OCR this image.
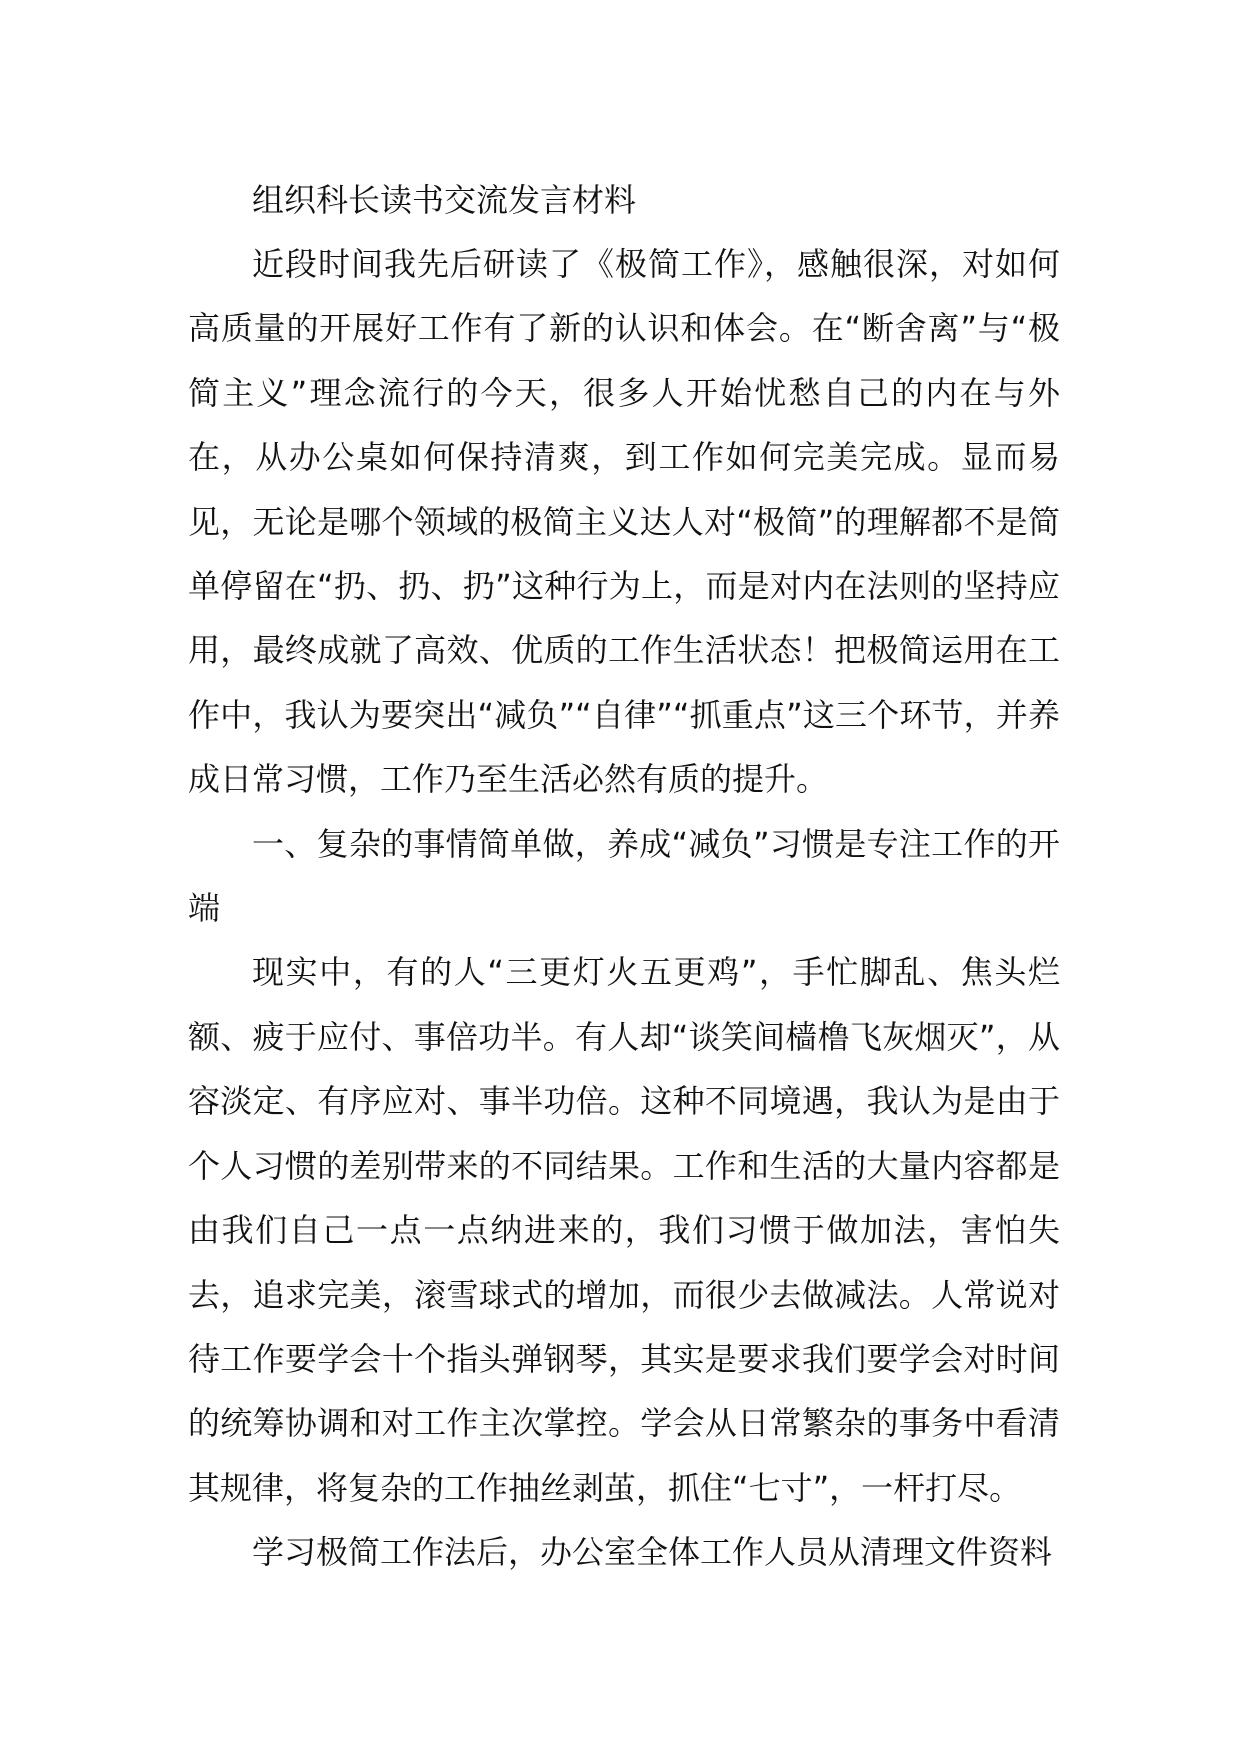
组织科长读书交流发言材料

近段时间我先后研读了《极简工作》，感触很深，对如何高质量的开展好工作有了新的认识和体会。在“断舍离”与“极简主义”理念流行的今天，很多人开始忧愁自己的内在与外在，从办公桌如何保持清爽，到工作如何完美完成。显而易见，无论是哪个领域的极简主义达人对“极简”的理解都不是简单停留在“扔、扔、扔”这种行为上，而是对内在法则的坚持应用，最终成就了高效、优质的工作生活状态！把极简运用在工作中，我认为要突出“减负”“自律”“抓重点”这三个环节，并养成日常习惯，工作乃至生活必然有质的提升。

一、复杂的事情简单做，养成“减负”习惯是专注工作的开端

现实中，有的人“三更灯火五更鸡”，手忙脚乱、焦头烂额、疲于应付、事倍功半。有人却“谈笑间樯橹飞灰烟灭”，从容淡定、有序应对、事半功倍。这种不同境遇，我认为是由于个人习惯的差别带来的不同结果。工作和生活的大量内容都是由我们自己一点一点纳进来的，我们习惯于做加法，害怕失去，追求完美，滚雪球式的增加，而很少去做减法。人常说对待工作要学会十个指头弹钢琴，其实是要求我们要学会对时间的统筹协调和对工作主次掌控。学会从日常繁杂的事务中看清其规律，将复杂的工作抽丝剥茧，抓住“七寸”，一杆打尽。

学习极简工作法后，办公室全体工作人员从清理文件资料
